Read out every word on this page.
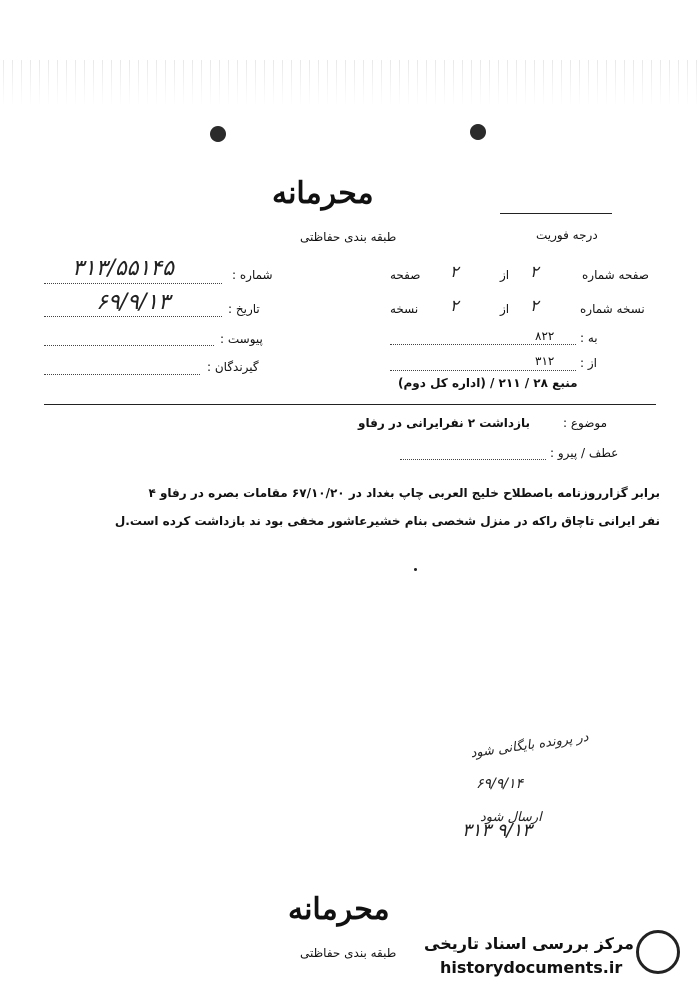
محرمانه
طبقه بندی حفاظتی	درجه فوریت
صفحه شماره
۲
از
۲
صفحه
نسخه شماره
۲
از
۲
نسخه
به :
۸۲۲
از :
۳۱۲
منبع ۲۸ / ۲۱۱ / (اداره کل دوم)
شماره :
۳۱۳/۵۵۱۴۵
تاریخ :
۶۹/۹/۱۳
پیوست :
گیرندگان :
موضوع :
بازداشت ۲ نفرایرانی در رفاو
عطف / پیرو :
برابر گزارروزنامه باصطلاح خلیج العربی چاپ بغداد در ۶۷/۱۰/۲۰ مقامات بصره در رفاو ۴
نفر ایرانی تاچاق راکه در منزل شخصی بنام خشیرعاشور مخفی بود ند بازداشت کرده است.ل
در پرونده بایگانی شود
۶۹/۹/۱۴
ارسال شود
۳۱۳ ۹/۱۳
محرمانه
طبقه بندی حفاظتی مرکز بررسی اسناد تاریخی
historydocuments.ir
